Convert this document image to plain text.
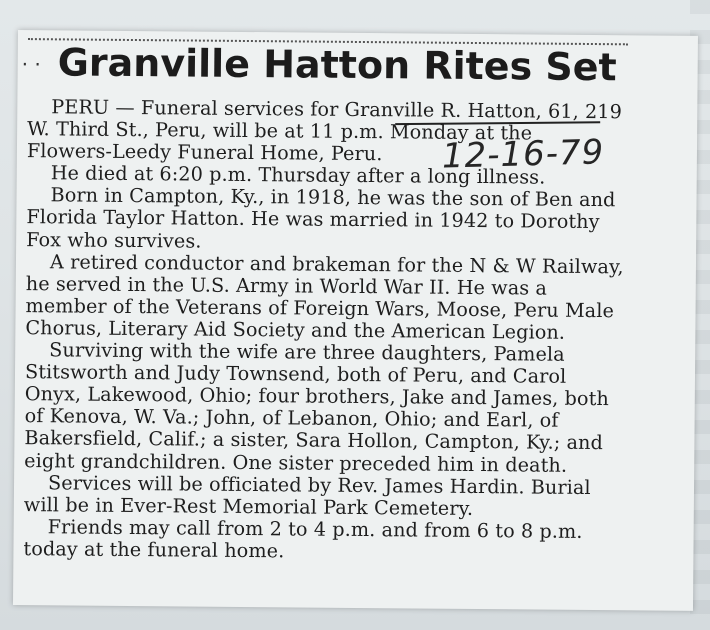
· · Granville Hatton Rites Set
12-16-79
PERU — Funeral services for Granville R. Hatton, 61, 219
W. Third St., Peru, will be at 11 p.m. Monday at the
Flowers-Leedy Funeral Home, Peru.
He died at 6:20 p.m. Thursday after a long illness.
Born in Campton, Ky., in 1918, he was the son of Ben and
Florida Taylor Hatton. He was married in 1942 to Dorothy
Fox who survives.
A retired conductor and brakeman for the N & W Railway,
he served in the U.S. Army in World War II. He was a
member of the Veterans of Foreign Wars, Moose, Peru Male
Chorus, Literary Aid Society and the American Legion.
Surviving with the wife are three daughters, Pamela
Stitsworth and Judy Townsend, both of Peru, and Carol
Onyx, Lakewood, Ohio; four brothers, Jake and James, both
of Kenova, W. Va.; John, of Lebanon, Ohio; and Earl, of
Bakersfield, Calif.; a sister, Sara Hollon, Campton, Ky.; and
eight grandchildren. One sister preceded him in death.
Services will be officiated by Rev. James Hardin. Burial
will be in Ever-Rest Memorial Park Cemetery.
Friends may call from 2 to 4 p.m. and from 6 to 8 p.m.
today at the funeral home.
